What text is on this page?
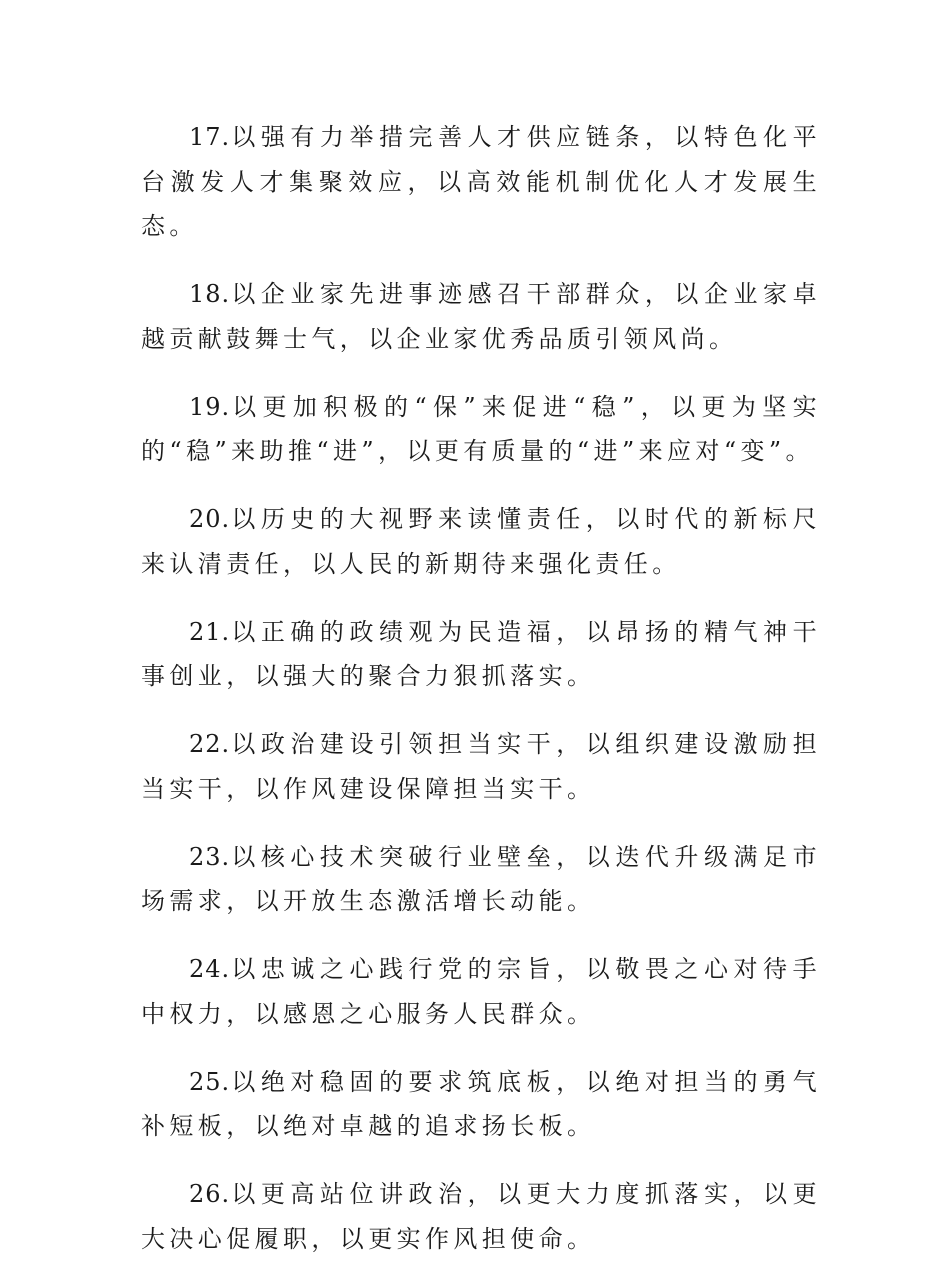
17.以强有力举措完善人才供应链条，以特色化平台激发人才集聚效应，以高效能机制优化人才发展生态。

18.以企业家先进事迹感召干部群众，以企业家卓越贡献鼓舞士气，以企业家优秀品质引领风尚。

19.以更加积极的“保”来促进“稳”，以更为坚实的“稳”来助推“进”，以更有质量的“进”来应对“变”。

20.以历史的大视野来读懂责任，以时代的新标尺来认清责任，以人民的新期待来强化责任。

21.以正确的政绩观为民造福，以昂扬的精气神干事创业，以强大的聚合力狠抓落实。

22.以政治建设引领担当实干，以组织建设激励担当实干，以作风建设保障担当实干。

23.以核心技术突破行业壁垒，以迭代升级满足市场需求，以开放生态激活增长动能。

24.以忠诚之心践行党的宗旨，以敬畏之心对待手中权力，以感恩之心服务人民群众。

25.以绝对稳固的要求筑底板，以绝对担当的勇气补短板，以绝对卓越的追求扬长板。

26.以更高站位讲政治，以更大力度抓落实，以更大决心促履职，以更实作风担使命。
